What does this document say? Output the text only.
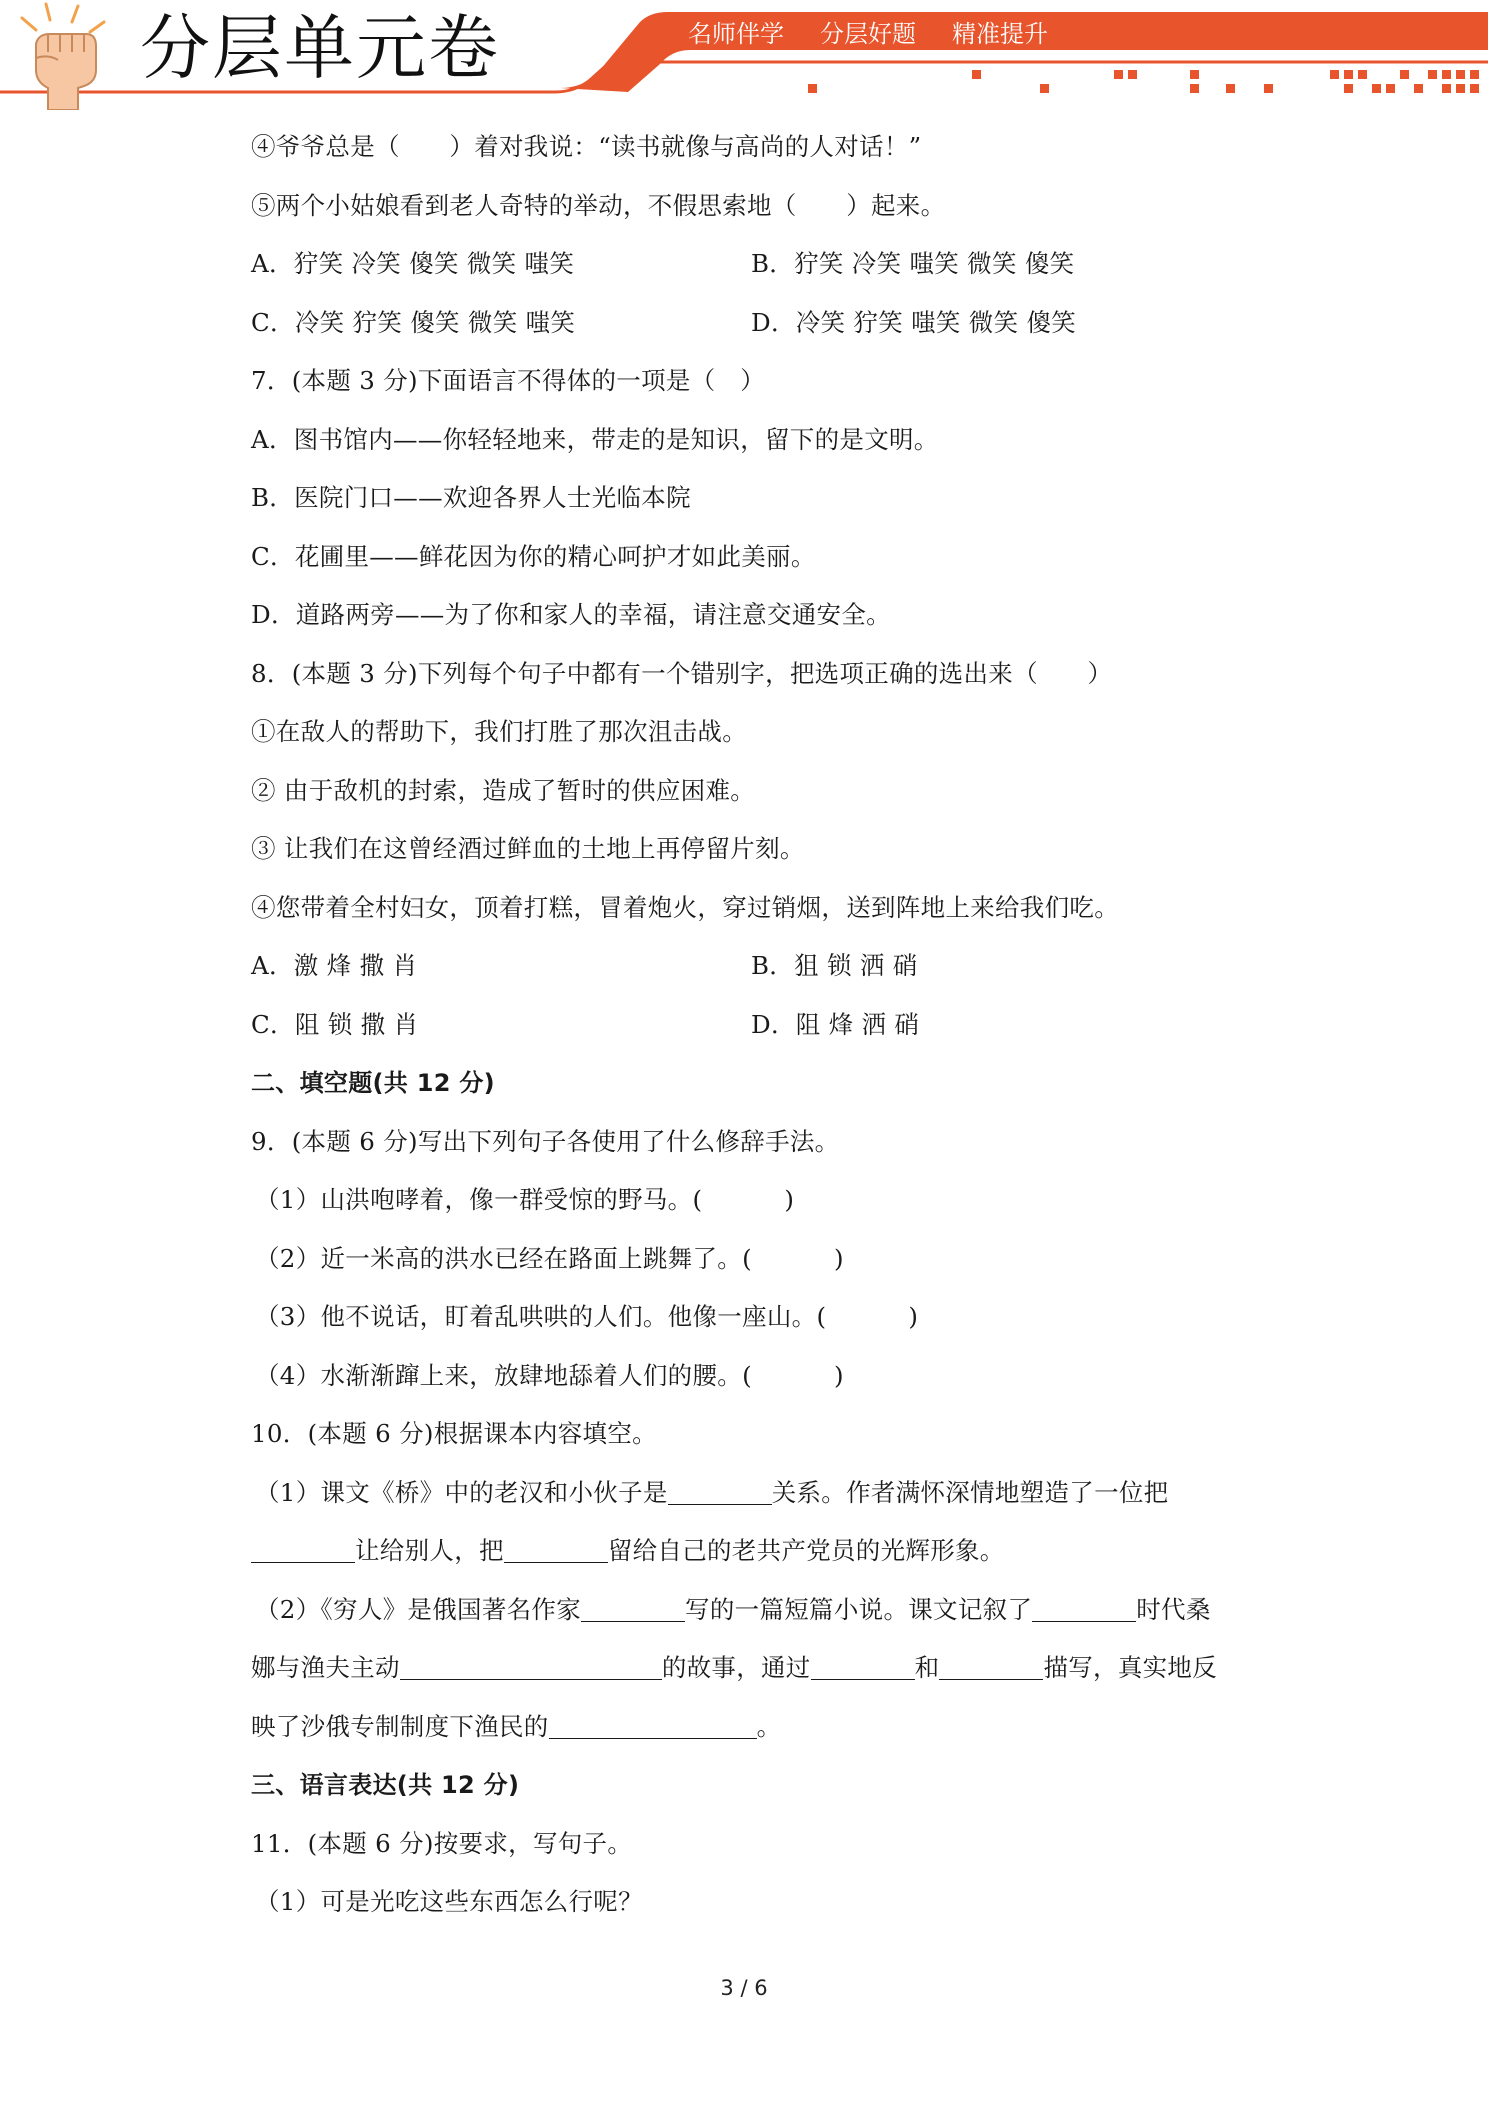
分层单元卷	名师伴学 分层好题 精准提升
④爷爷总是（　　）着对我说：“读书就像与高尚的人对话！”
⑤两个小姑娘看到老人奇特的举动，不假思索地（　　）起来。
A．狞笑 冷笑 傻笑 微笑 嗤笑	B．狞笑 冷笑 嗤笑 微笑 傻笑
C．冷笑 狞笑 傻笑 微笑 嗤笑	D．冷笑 狞笑 嗤笑 微笑 傻笑
7．(本题 3 分)下面语言不得体的一项是（　）
A．图书馆内——你轻轻地来，带走的是知识，留下的是文明。
B．医院门口——欢迎各界人士光临本院
C．花圃里——鲜花因为你的精心呵护才如此美丽。
D．道路两旁——为了你和家人的幸福，请注意交通安全。
8．(本题 3 分)下列每个句子中都有一个错别字，把选项正确的选出来（　　）
①在敌人的帮助下，我们打胜了那次沮击战。
② 由于敌机的封索，造成了暂时的供应困难。
③ 让我们在这曾经酒过鲜血的土地上再停留片刻。
④您带着全村妇女，顶着打糕，冒着炮火，穿过销烟，送到阵地上来给我们吃。
A．激 烽 撒 肖	B．狙 锁 洒 硝
C．阻 锁 撒 肖	D．阻 烽 洒 硝
二、填空题(共 12 分)
9．(本题 6 分)写出下列句子各使用了什么修辞手法。
（1）山洪咆哮着，像一群受惊的野马。(	)
（2）近一米高的洪水已经在路面上跳舞了。(	)
（3）他不说话，盯着乱哄哄的人们。他像一座山。(	)
（4）水渐渐蹿上来，放肆地舔着人们的腰。(	)
10．(本题 6 分)根据课本内容填空。
（1）课文《桥》中的老汉和小伙子是	关系。作者满怀深情地塑造了一位把
让给别人，把	留给自己的老共产党员的光辉形象。
（2）《穷人》是俄国著名作家	写的一篇短篇小说。课文记叙了	时代桑
娜与渔夫主动	的故事，通过	和	描写，真实地反
映了沙俄专制制度下渔民的	。
三、语言表达(共 12 分)
11．(本题 6 分)按要求，写句子。
（1）可是光吃这些东西怎么行呢？
3 / 6
